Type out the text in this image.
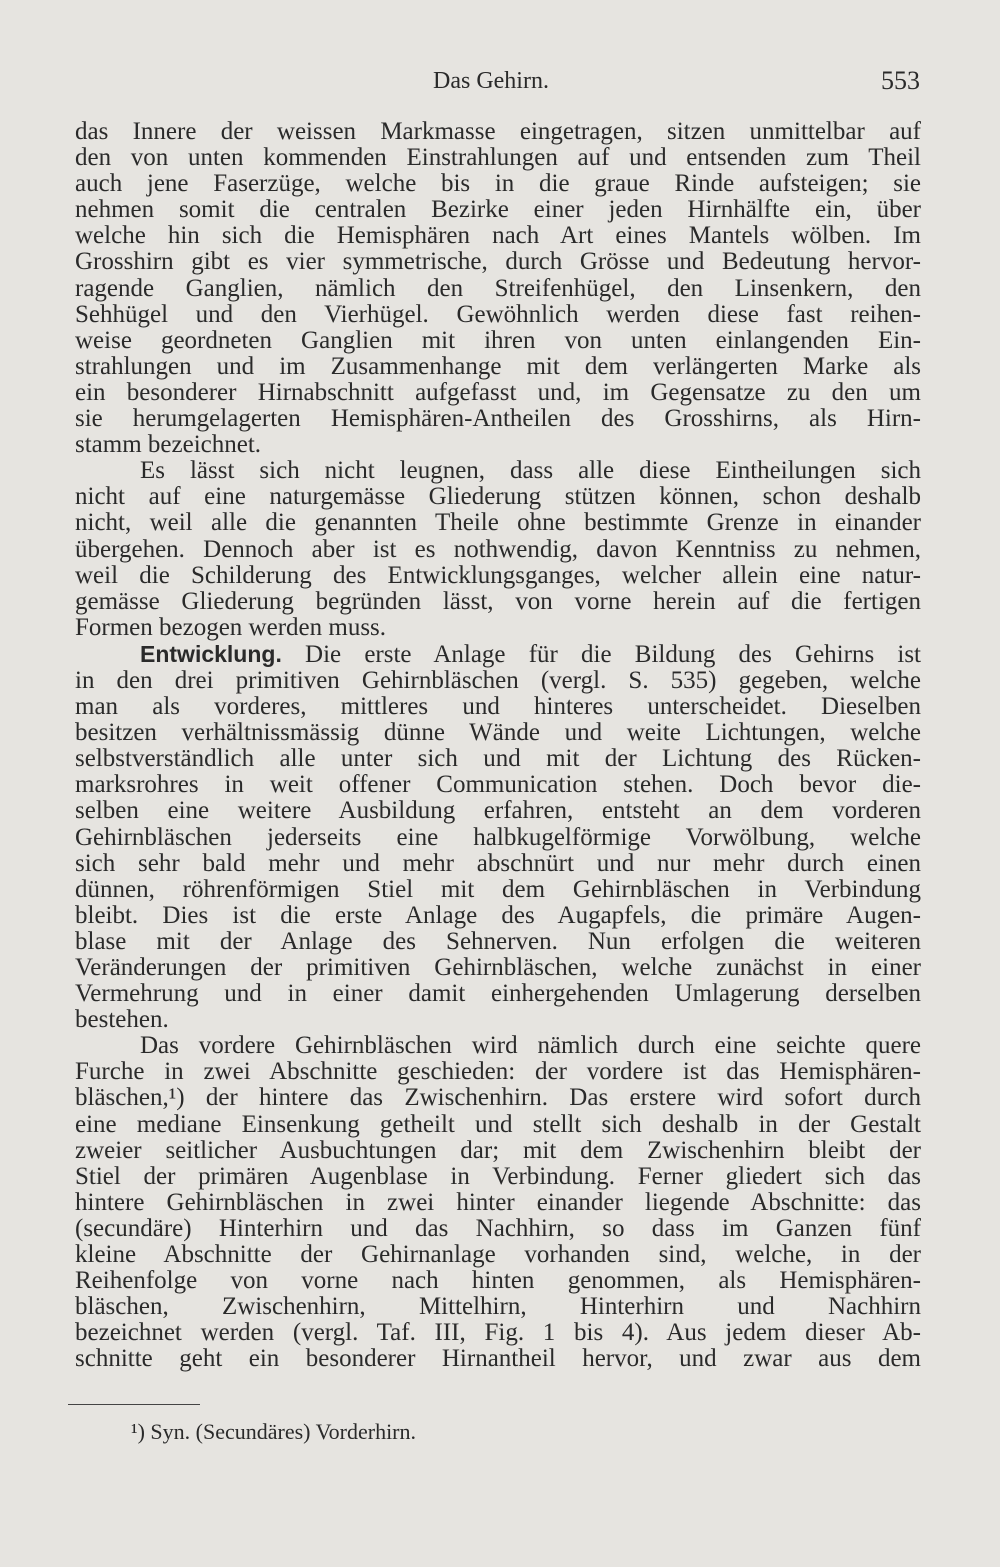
Das Gehirn.	553
das Innere der weissen Markmasse eingetragen, sitzen unmittelbar auf
den von unten kommenden Einstrahlungen auf und entsenden zum Theil
auch jene Faserzüge, welche bis in die graue Rinde aufsteigen; sie
nehmen somit die centralen Bezirke einer jeden Hirnhälfte ein, über
welche hin sich die Hemisphären nach Art eines Mantels wölben. Im
Grosshirn gibt es vier symmetrische, durch Grösse und Bedeutung hervor-
ragende Ganglien, nämlich den Streifenhügel, den Linsenkern, den
Sehhügel und den Vierhügel. Gewöhnlich werden diese fast reihen-
weise geordneten Ganglien mit ihren von unten einlangenden Ein-
strahlungen und im Zusammenhange mit dem verlängerten Marke als
ein besonderer Hirnabschnitt aufgefasst und, im Gegensatze zu den um
sie herumgelagerten Hemisphären-Antheilen des Grosshirns, als Hirn-
stamm bezeichnet.
Es lässt sich nicht leugnen, dass alle diese Eintheilungen sich
nicht auf eine naturgemässe Gliederung stützen können, schon deshalb
nicht, weil alle die genannten Theile ohne bestimmte Grenze in einander
übergehen. Dennoch aber ist es nothwendig, davon Kenntniss zu nehmen,
weil die Schilderung des Entwicklungsganges, welcher allein eine natur-
gemässe Gliederung begründen lässt, von vorne herein auf die fertigen
Formen bezogen werden muss.
Entwicklung. Die erste Anlage für die Bildung des Gehirns ist
in den drei primitiven Gehirnbläschen (vergl. S. 535) gegeben, welche
man als vorderes, mittleres und hinteres unterscheidet. Dieselben
besitzen verhältnissmässig dünne Wände und weite Lichtungen, welche
selbstverständlich alle unter sich und mit der Lichtung des Rücken-
marksrohres in weit offener Communication stehen. Doch bevor die-
selben eine weitere Ausbildung erfahren, entsteht an dem vorderen
Gehirnbläschen jederseits eine halbkugelförmige Vorwölbung, welche
sich sehr bald mehr und mehr abschnürt und nur mehr durch einen
dünnen, röhrenförmigen Stiel mit dem Gehirnbläschen in Verbindung
bleibt. Dies ist die erste Anlage des Augapfels, die primäre Augen-
blase mit der Anlage des Sehnerven. Nun erfolgen die weiteren
Veränderungen der primitiven Gehirnbläschen, welche zunächst in einer
Vermehrung und in einer damit einhergehenden Umlagerung derselben
bestehen.
Das vordere Gehirnbläschen wird nämlich durch eine seichte quere
Furche in zwei Abschnitte geschieden: der vordere ist das Hemisphären-
bläschen,¹) der hintere das Zwischenhirn. Das erstere wird sofort durch
eine mediane Einsenkung getheilt und stellt sich deshalb in der Gestalt
zweier seitlicher Ausbuchtungen dar; mit dem Zwischenhirn bleibt der
Stiel der primären Augenblase in Verbindung. Ferner gliedert sich das
hintere Gehirnbläschen in zwei hinter einander liegende Abschnitte: das
(secundäre) Hinterhirn und das Nachhirn, so dass im Ganzen fünf
kleine Abschnitte der Gehirnanlage vorhanden sind, welche, in der
Reihenfolge von vorne nach hinten genommen, als Hemisphären-
bläschen, Zwischenhirn, Mittelhirn, Hinterhirn und Nachhirn
bezeichnet werden (vergl. Taf. III, Fig. 1 bis 4). Aus jedem dieser Ab-
schnitte geht ein besonderer Hirnantheil hervor, und zwar aus dem
¹) Syn. (Secundäres) Vorderhirn.
